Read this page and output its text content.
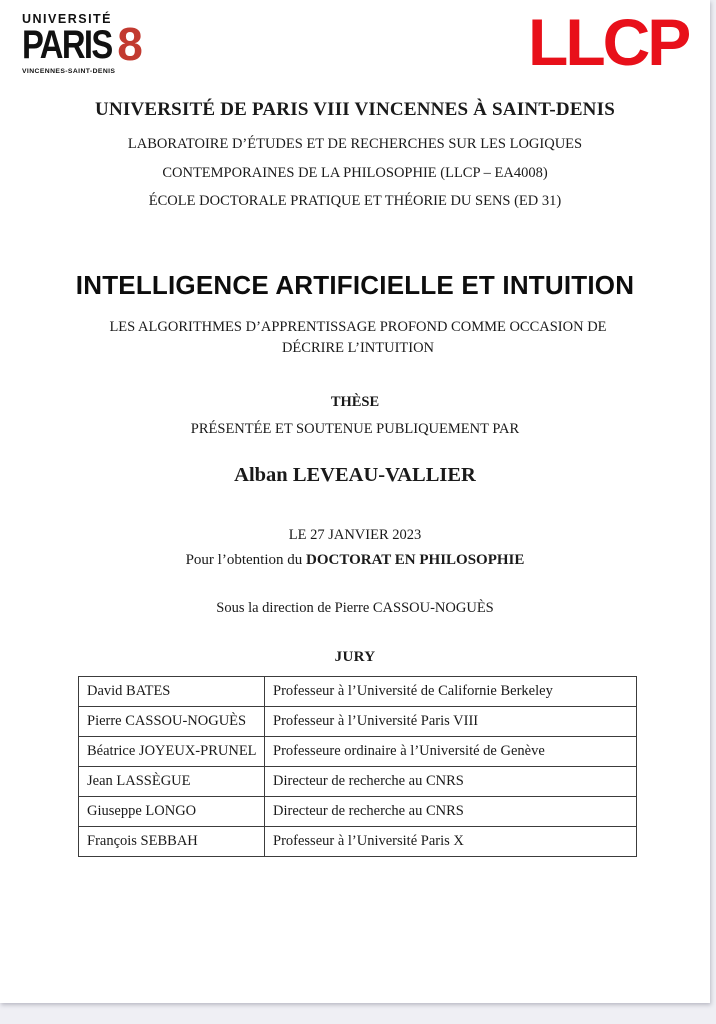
UNIVERSITÉ
PARIS 8
VINCENNES-SAINT-DENIS	LLCP
UNIVERSITÉ DE PARIS VIII VINCENNES À SAINT-DENIS
LABORATOIRE D’ÉTUDES ET DE RECHERCHES SUR LES LOGIQUES
CONTEMPORAINES DE LA PHILOSOPHIE (LLCP – EA4008)
ÉCOLE DOCTORALE PRATIQUE ET THÉORIE DU SENS (ED 31)
INTELLIGENCE ARTIFICIELLE ET INTUITION
LES ALGORITHMES D’APPRENTISSAGE PROFOND COMME OCCASION DE DÉCRIRE L’INTUITION
THÈSE
PRÉSENTÉE ET SOUTENUE PUBLIQUEMENT PAR
Alban LEVEAU-VALLIER
LE 27 JANVIER 2023
Pour l’obtention du DOCTORAT EN PHILOSOPHIE
Sous la direction de Pierre CASSOU-NOGUÈS
JURY
David BATES	Professeur à l’Université de Californie Berkeley
Pierre CASSOU-NOGUÈS	Professeur à l’Université Paris VIII
Béatrice JOYEUX-PRUNEL	Professeure ordinaire à l’Université de Genève
Jean LASSÈGUE	Directeur de recherche au CNRS
Giuseppe LONGO	Directeur de recherche au CNRS
François SEBBAH	Professeur à l’Université Paris X
